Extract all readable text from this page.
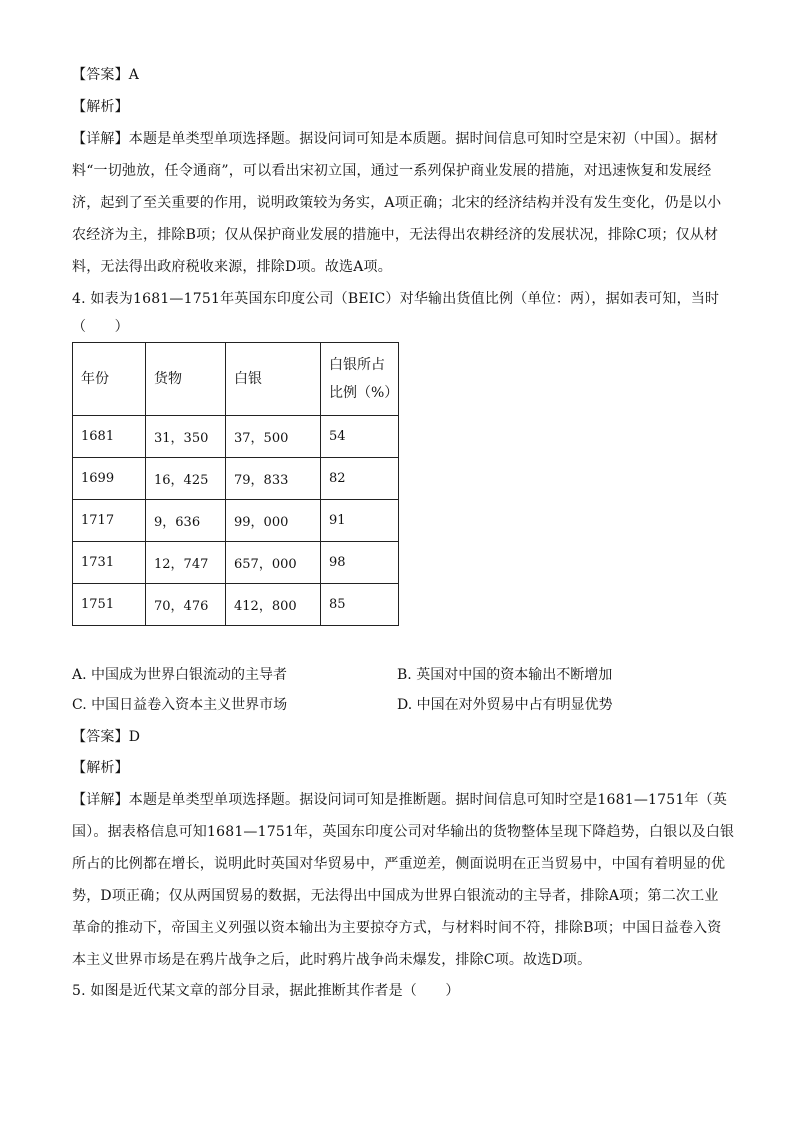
【答案】A
【解析】
【详解】本题是单类型单项选择题。据设问词可知是本质题。据时间信息可知时空是宋初（中国）。据材
料“一切弛放，任令通商”，可以看出宋初立国，通过一系列保护商业发展的措施，对迅速恢复和发展经
济，起到了至关重要的作用，说明政策较为务实，A项正确；北宋的经济结构并没有发生变化，仍是以小
农经济为主，排除B项；仅从保护商业发展的措施中，无法得出农耕经济的发展状况，排除C项；仅从材
料，无法得出政府税收来源，排除D项。故选A项。
4. 如表为1681—1751年英国东印度公司（BEIC）对华输出货值比例（单位：两），据如表可知，当时
（　　）
年份	货物	白银	白银所占
比例（%）

1681	31，350	37，500	54
1699	16，425	79，833	82
1717	9，636	99，000	91
1731	12，747	657，000	98
1751	70，476	412，800	85
A. 中国成为世界白银流动的主导者	B. 英国对中国的资本输出不断增加
C. 中国日益卷入资本主义世界市场	D. 中国在对外贸易中占有明显优势
【答案】D
【解析】
【详解】本题是单类型单项选择题。据设问词可知是推断题。据时间信息可知时空是1681—1751年（英
国）。据表格信息可知1681—1751年，英国东印度公司对华输出的货物整体呈现下降趋势，白银以及白银
所占的比例都在增长，说明此时英国对华贸易中，严重逆差，侧面说明在正当贸易中，中国有着明显的优
势，D项正确；仅从两国贸易的数据，无法得出中国成为世界白银流动的主导者，排除A项；第二次工业
革命的推动下，帝国主义列强以资本输出为主要掠夺方式，与材料时间不符，排除B项；中国日益卷入资
本主义世界市场是在鸦片战争之后，此时鸦片战争尚未爆发，排除C项。故选D项。
5. 如图是近代某文章的部分目录，据此推断其作者是（　　）
